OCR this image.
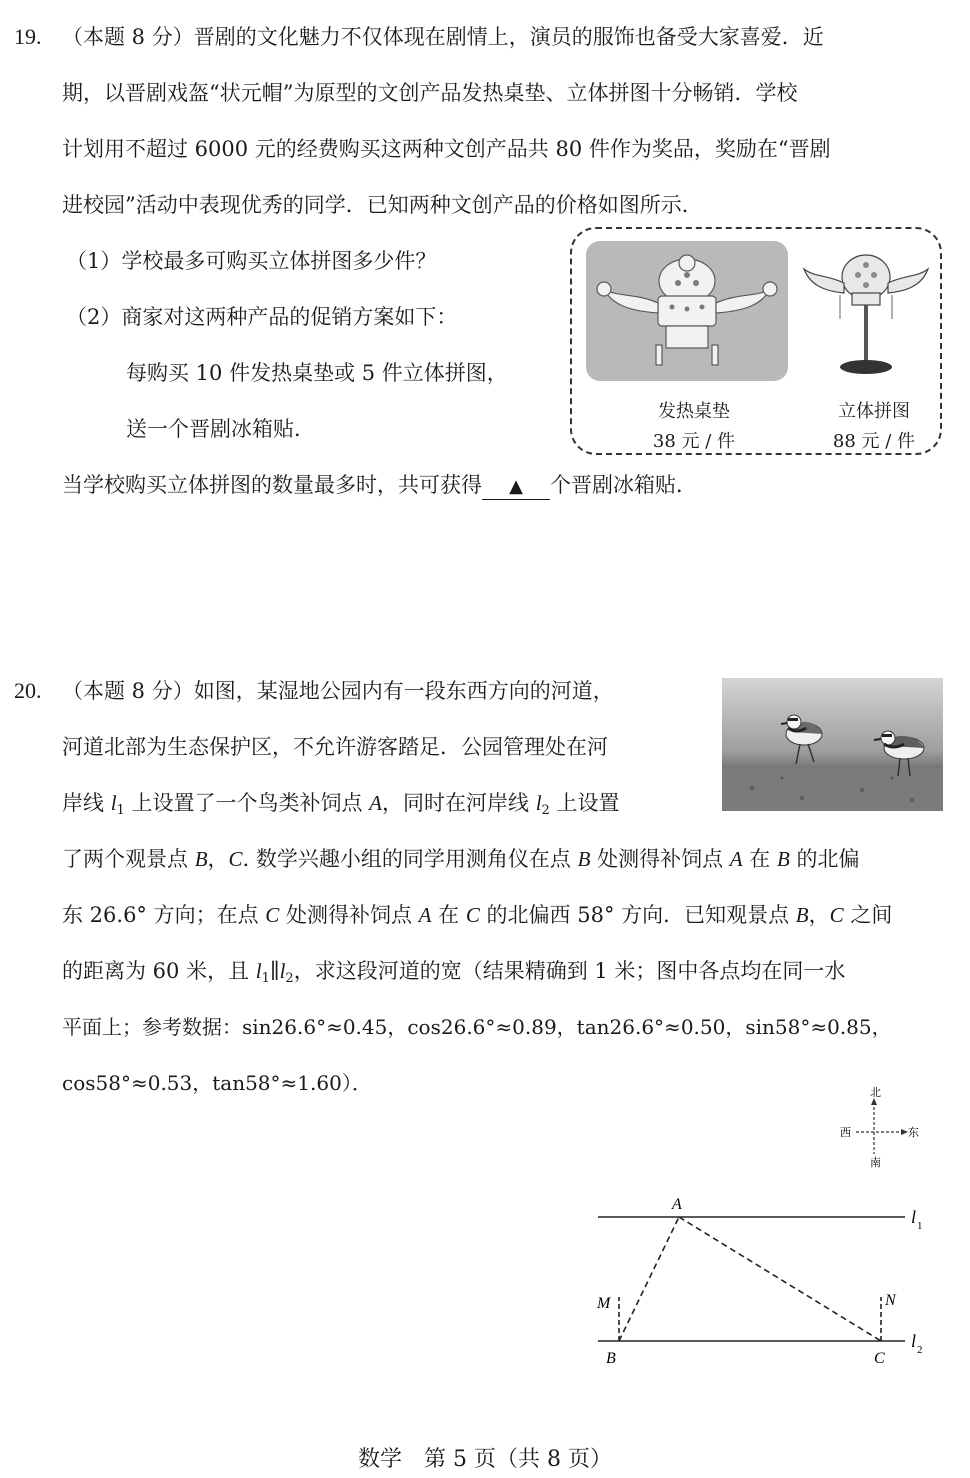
19. （本题 8 分）晋剧的文化魅力不仅体现在剧情上，演员的服饰也备受大家喜爱．近
期，以晋剧戏盔“状元帽”为原型的文创产品发热桌垫、立体拼图十分畅销．学校
计划用不超过 6000 元的经费购买这两种文创产品共 80 件作为奖品，奖励在“晋剧
进校园”活动中表现优秀的同学．已知两种文创产品的价格如图所示．
（1）学校最多可购买立体拼图多少件？
（2）商家对这两种产品的促销方案如下：
每购买 10 件发热桌垫或 5 件立体拼图，
送一个晋剧冰箱贴．
当学校购买立体拼图的数量最多时，共可获得 ▲ 个晋剧冰箱贴．
发热桌垫
38 元 / 件
立体拼图
88 元 / 件
20. （本题 8 分）如图，某湿地公园内有一段东西方向的河道，
河道北部为生态保护区，不允许游客踏足．公园管理处在河
岸线 $l_1$ 上设置了一个鸟类补饲点 A，同时在河岸线 $l_2$ 上设置
了两个观景点 B，C. 数学兴趣小组的同学用测角仪在点 B 处测得补饲点 A 在 B 的北偏
东 26.6° 方向；在点 C 处测得补饲点 A 在 C 的北偏西 58° 方向．已知观景点 B，C 之间
的距离为 60 米，且 $l_1\parallel l_2$，求这段河道的宽（结果精确到 1 米；图中各点均在同一水
平面上；参考数据：sin26.6°≈0.45，cos26.6°≈0.89，tan26.6°≈0.50，sin58°≈0.85，
cos58°≈0.53，tan58°≈1.60）．	北
南
西	东
A
B	C
M	N
l 1
l 2
数学　第 5 页（共 8 页）
